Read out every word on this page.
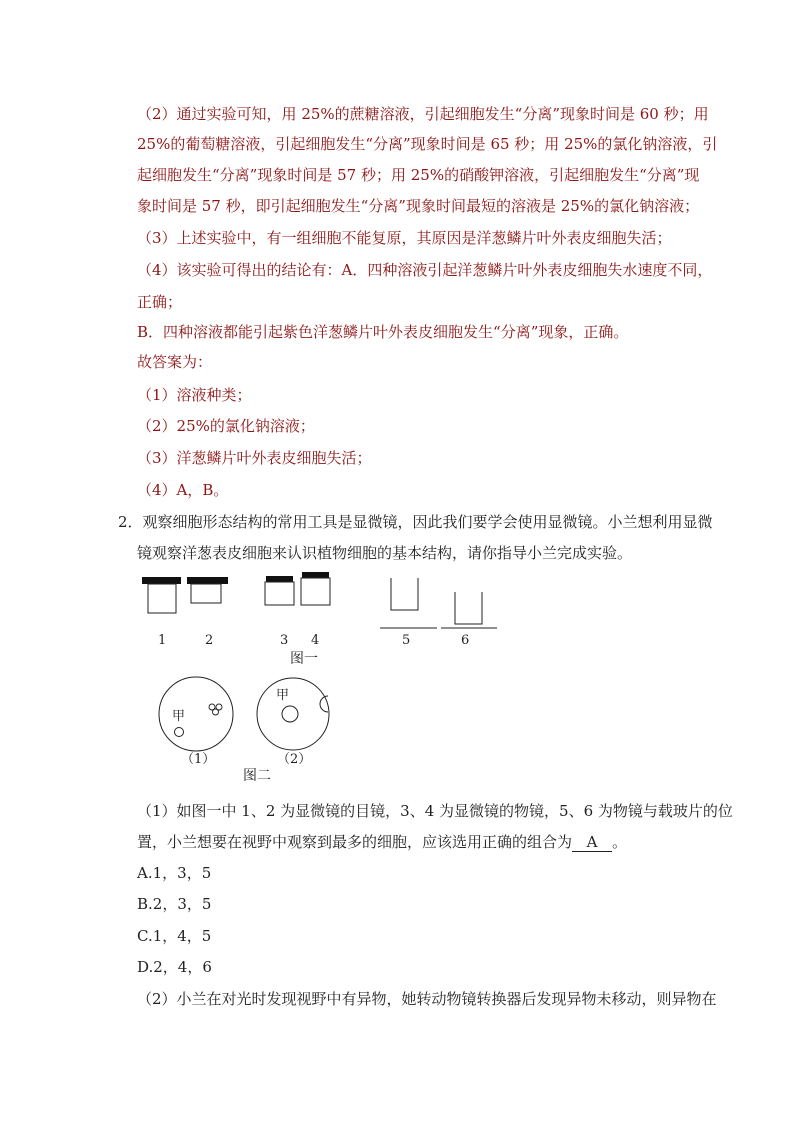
（2）通过实验可知，用 25%的蔗糖溶液，引起细胞发生“分离”现象时间是 60 秒；用
25%的葡萄糖溶液，引起细胞发生“分离”现象时间是 65 秒；用 25%的氯化钠溶液，引
起细胞发生“分离”现象时间是 57 秒；用 25%的硝酸钾溶液，引起细胞发生“分离”现
象时间是 57 秒，即引起细胞发生“分离”现象时间最短的溶液是 25%的氯化钠溶液；
（3）上述实验中，有一组细胞不能复原，其原因是洋葱鳞片叶外表皮细胞失活；
（4）该实验可得出的结论有：A．四种溶液引起洋葱鳞片叶外表皮细胞失水速度不同，
正确；
B．四种溶液都能引起紫色洋葱鳞片叶外表皮细胞发生“分离”现象，正确。
故答案为：
（1）溶液种类；
（2）25%的氯化钠溶液；
（3）洋葱鳞片叶外表皮细胞失活；
（4）A，B。
2．观察细胞形态结构的常用工具是显微镜，因此我们要学会使用显微镜。小兰想利用显微
镜观察洋葱表皮细胞来认识植物细胞的基本结构，请你指导小兰完成实验。
1	2	3 4	5	6
图一
甲
甲
（1）	（2）
图二
（1）如图一中 1、2 为显微镜的目镜，3、4 为显微镜的物镜，5、6 为物镜与载玻片的位
置，小兰想要在视野中观察到最多的细胞，应该选用正确的组合为 A 。
A.1，3，5
B.2，3，5
C.1，4，5
D.2，4，6
（2）小兰在对光时发现视野中有异物，她转动物镜转换器后发现异物未移动，则异物在
